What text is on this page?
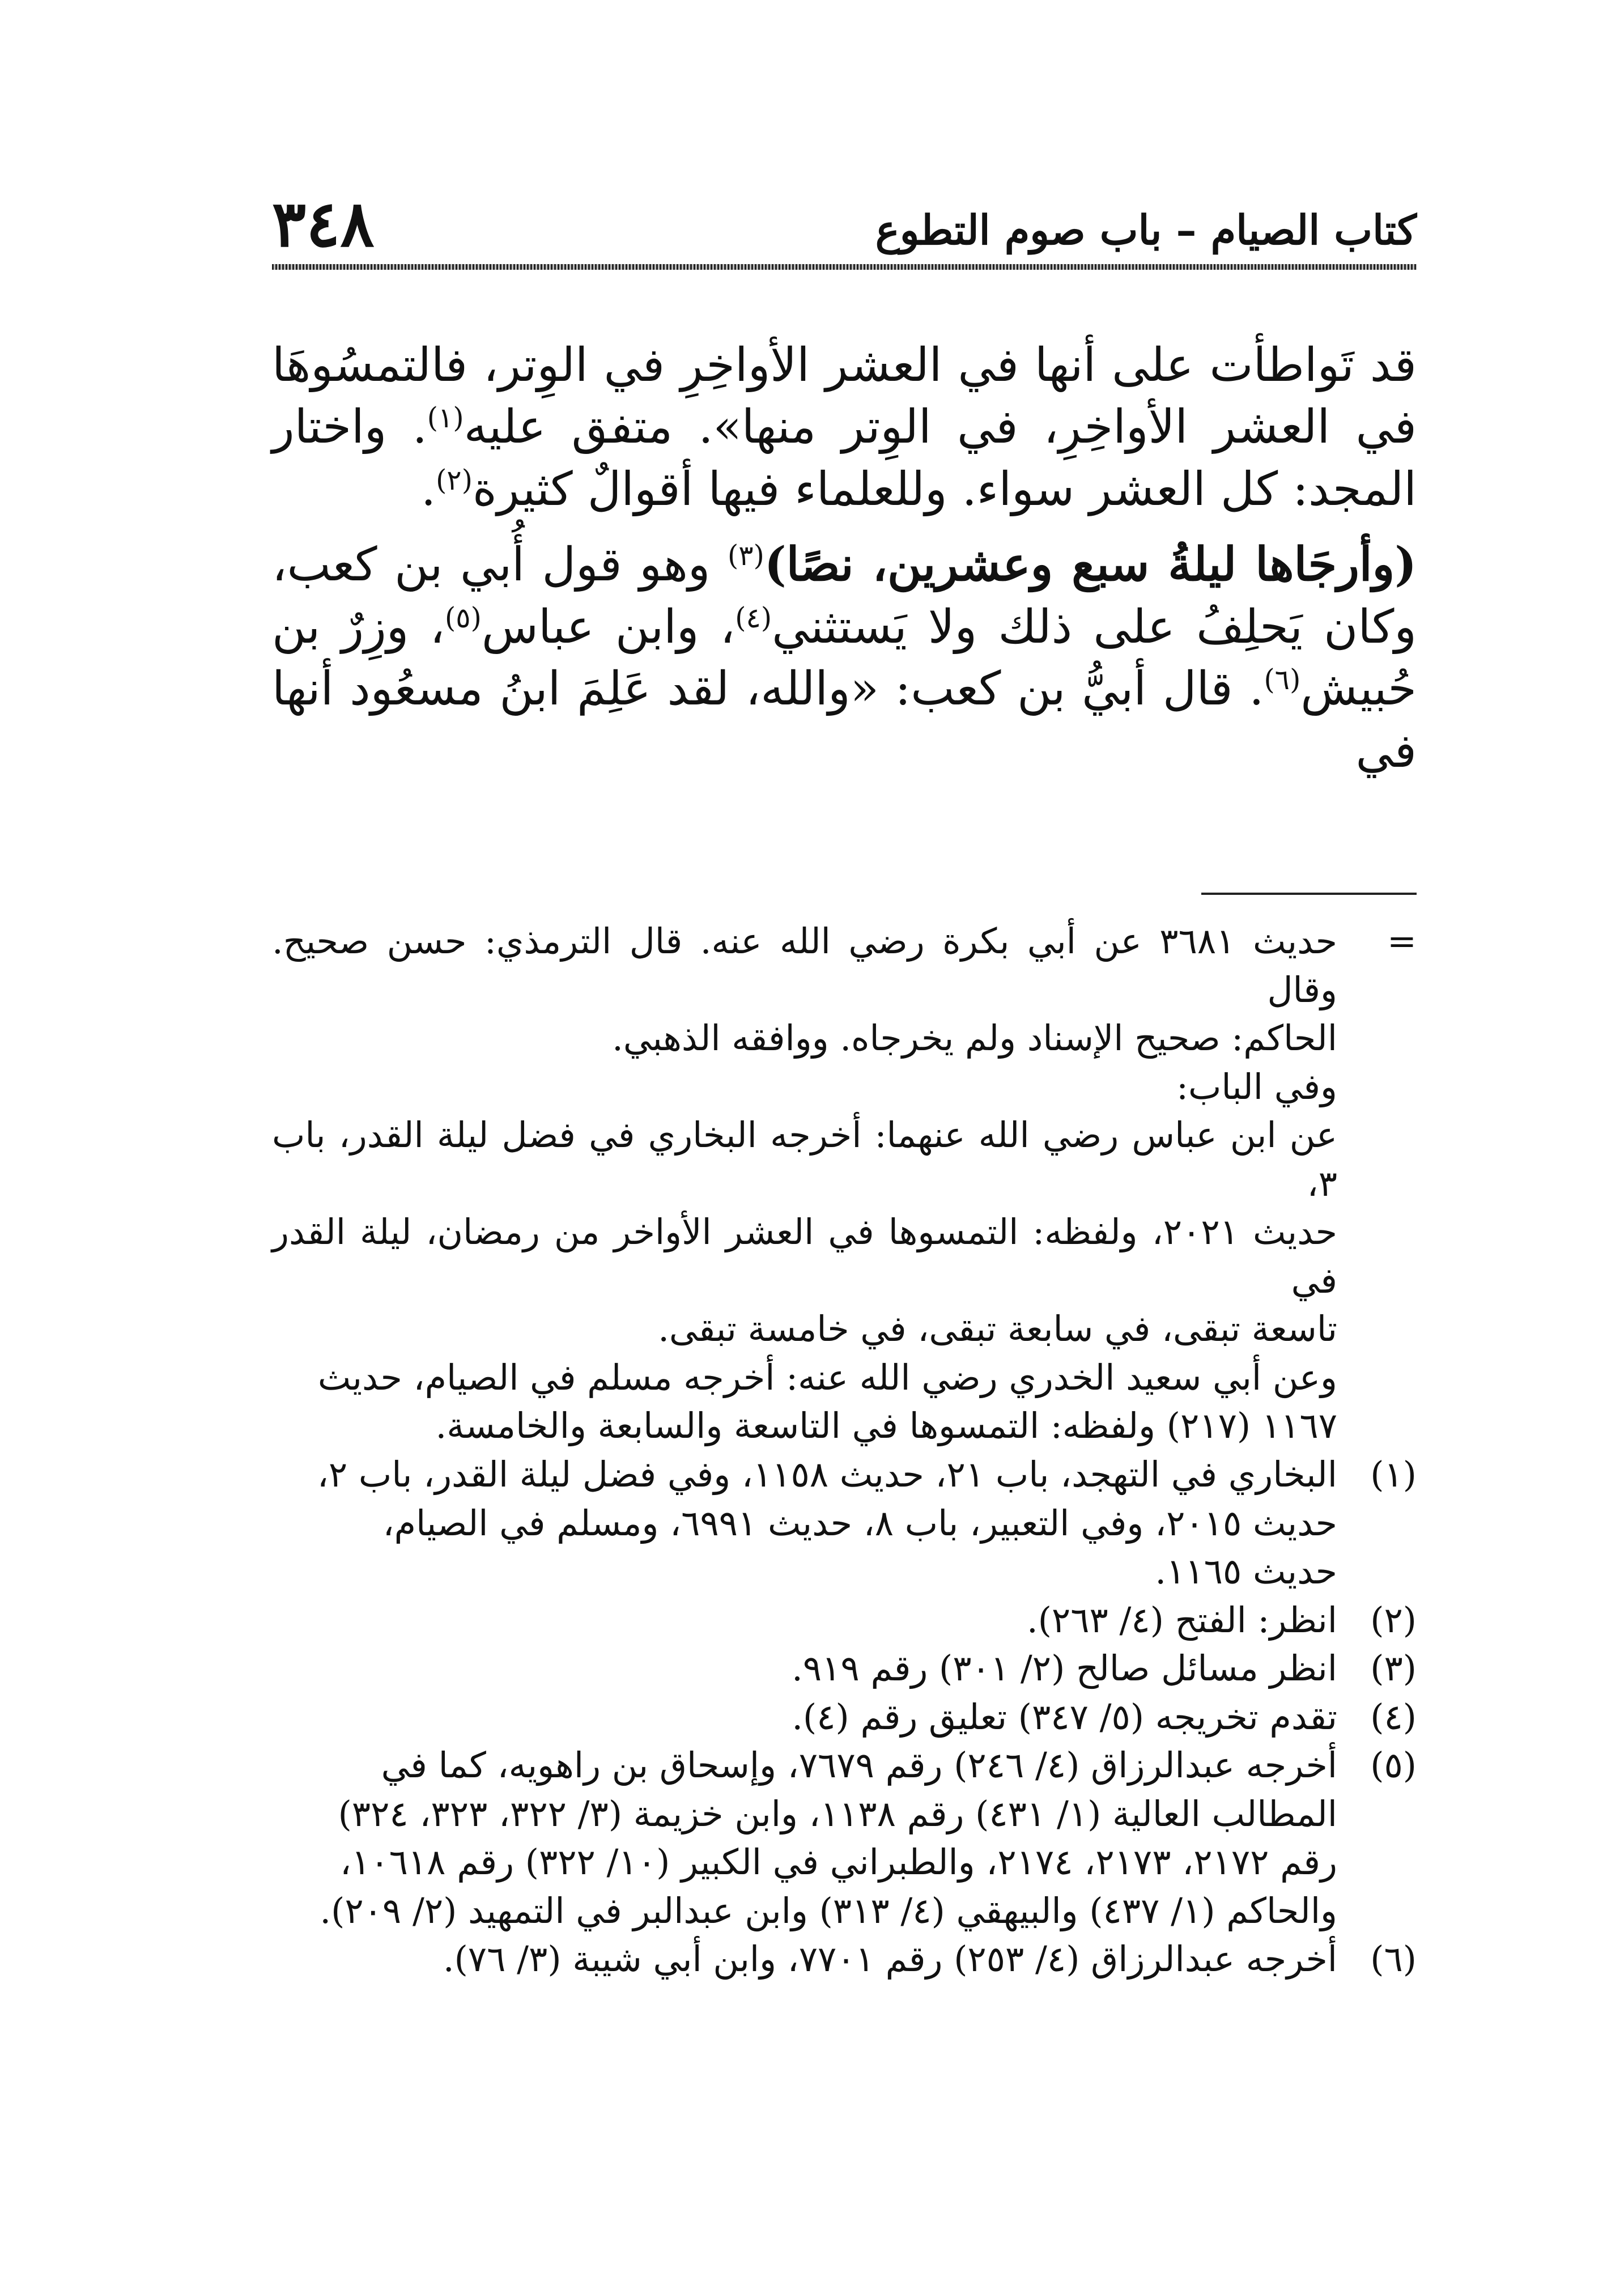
كتاب الصيام – باب صوم التطوع
٣٤٨

قد تَواطأت على أنها في العشر الأواخِرِ في الوِتر، فالتمسُوهَا في العشر الأواخِرِ، في الوِتر منها». متفق عليه$^{(١)}$. واختار المجد: كل العشر سواء. وللعلماء فيها أقوالٌ كثيرة$^{(٢)}$.

(وأرجَاها ليلةُ سبع وعشرين، نصًا)$^{(٣)}$ وهو قول أُبي بن كعب، وكان يَحلِفُ على ذلك ولا يَستثني$^{(٤)}$، وابن عباس$^{(٥)}$، وزِرٌ بن حُبيش$^{(٦)}$. قال أبيُّ بن كعب: «والله، لقد عَلِمَ ابنُ مسعُود أنها في

=
حديث ٣٦٨١ عن أبي بكرة رضي الله عنه. قال الترمذي: حسن صحيح. وقال
الحاكم: صحيح الإسناد ولم يخرجاه. ووافقه الذهبي.
وفي الباب:
عن ابن عباس رضي الله عنهما: أخرجه البخاري في فضل ليلة القدر، باب ٣،
حديث ٢٠٢١، ولفظه: التمسوها في العشر الأواخر من رمضان، ليلة القدر في
تاسعة تبقى، في سابعة تبقى، في خامسة تبقى.
وعن أبي سعيد الخدري رضي الله عنه: أخرجه مسلم في الصيام، حديث
١١٦٧ (٢١٧) ولفظه: التمسوها في التاسعة والسابعة والخامسة.
(١)
البخاري في التهجد، باب ٢١، حديث ١١٥٨، وفي فضل ليلة القدر، باب ٢،
حديث ٢٠١٥، وفي التعبير، باب ٨، حديث ٦٩٩١، ومسلم في الصيام،
حديث ١١٦٥.
(٢)
انظر: الفتح (٤/ ٢٦٣).
(٣)
انظر مسائل صالح (٢/ ٣٠١) رقم ٩١٩.
(٤)
تقدم تخريجه (٥/ ٣٤٧) تعليق رقم (٤).
(٥)
أخرجه عبدالرزاق (٤/ ٢٤٦) رقم ٧٦٧٩، وإسحاق بن راهويه، كما في
المطالب العالية (١/ ٤٣١) رقم ١١٣٨، وابن خزيمة (٣/ ٣٢٢، ٣٢٣، ٣٢٤)
رقم ٢١٧٢، ٢١٧٣، ٢١٧٤، والطبراني في الكبير (١٠/ ٣٢٢) رقم ١٠٦١٨،
والحاكم (١/ ٤٣٧) والبيهقي (٤/ ٣١٣) وابن عبدالبر في التمهيد (٢/ ٢٠٩).
(٦)
أخرجه عبدالرزاق (٤/ ٢٥٣) رقم ٧٧٠١، وابن أبي شيبة (٣/ ٧٦).
